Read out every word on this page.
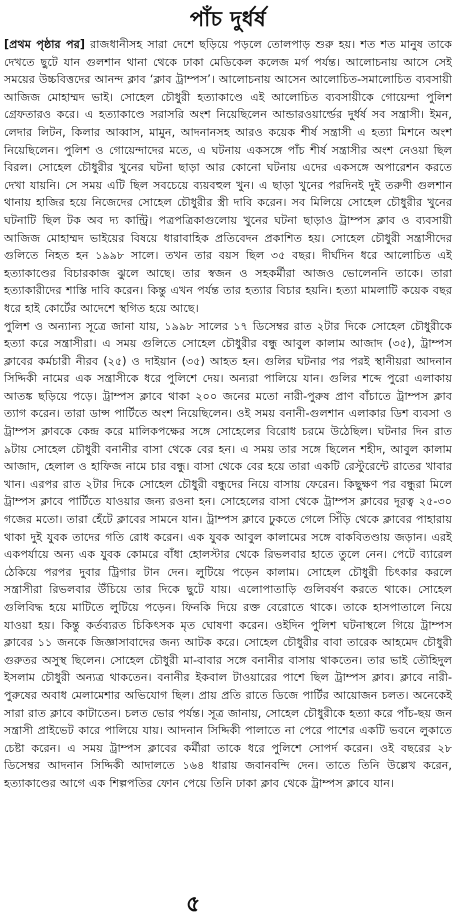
পাঁচ দুর্ধর্ষ

[প্রথম পৃষ্ঠার পর] রাজধানীসহ সারা দেশে ছড়িয়ে পড়লে তোলপাড় শুরু হয়। শত শত মানুষ তাকে দেখতে ছুটে যান গুলশান থানা থেকে ঢাকা মেডিকেল কলেজ মর্গ পর্যন্ত। আলোচনায় আসে সেই সময়ের উচ্চবিত্তদের আনন্দ ক্লাব ‘ক্লাব ট্রাম্পস’। আলোচনায় আসেন আলোচিত-সমালোচিত ব্যবসায়ী আজিজ মোহাম্মদ ভাই। সোহেল চৌধুরী হত্যাকাণ্ডে এই আলোচিত ব্যবসায়ীকে গোয়েন্দা পুলিশ গ্রেফতারও করে। এ হত্যাকাণ্ডে সরাসরি অংশ নিয়েছিলেন আন্ডারওয়ার্ল্ডের দুর্ধর্ষ সব সন্ত্রাসী। ইমন, লেদার লিটন, কিলার আব্বাস, মামুন, আদনানসহ আরও কয়েক শীর্ষ সন্ত্রাসী এ হত্যা মিশনে অংশ নিয়েছিলেন। পুলিশ ও গোয়েন্দাদের মতে, এ ঘটনায় একসঙ্গে পাঁচ শীর্ষ সন্ত্রাসীর অংশ নেওয়া ছিল বিরল। সোহেল চৌধুরীর খুনের ঘটনা ছাড়া আর কোনো ঘটনায় এদের একসঙ্গে অপারেশন করতে দেখা যায়নি। সে সময় এটি ছিল সবচেয়ে ব্যয়বহুল খুন। এ ছাড়া খুনের পরদিনই দুই তরুণী গুলশান থানায় হাজির হয়ে নিজেদের সোহেল চৌধুরীর স্ত্রী দাবি করেন। সব মিলিয়ে সোহেল চৌধুরীর খুনের ঘটনাটি ছিল টক অব দ্য কান্ট্রি। পত্রপত্রিকাগুলোয় খুনের ঘটনা ছাড়াও ট্রাম্পস ক্লাব ও ব্যবসায়ী আজিজ মোহাম্মদ ভাইয়ের বিষয়ে ধারাবাহিক প্রতিবেদন প্রকাশিত হয়। সোহেল চৌধুরী সন্ত্রাসীদের গুলিতে নিহত হন ১৯৯৮ সালে। তখন তার বয়স ছিল ৩৫ বছর। দীর্ঘদিন ধরে আলোচিত এই হত্যাকাণ্ডের বিচারকাজ ঝুলে আছে। তার স্বজন ও সহকর্মীরা আজও ভোলেননি তাকে। তারা হত্যাকারীদের শাস্তি দাবি করেন। কিন্তু এখন পর্যন্ত তার হত্যার বিচার হয়নি। হত্যা মামলাটি কয়েক বছর ধরে হাই কোর্টের আদেশে স্থগিত হয়ে আছে।

পুলিশ ও অন্যান্য সূত্রে জানা যায়, ১৯৯৮ সালের ১৭ ডিসেম্বর রাত ২টার দিকে সোহেল চৌধুরীকে হত্যা করে সন্ত্রাসীরা। এ সময় গুলিতে সোহেল চৌধুরীর বন্ধু আবুল কালাম আজাদ (৩৫), ট্রাম্পস ক্লাবের কর্মচারী নীরব (২৫) ও দাইয়ান (৩৫) আহত হন। গুলির ঘটনার পর পরই স্থানীয়রা আদনান সিদ্দিকী নামের এক সন্ত্রাসীকে ধরে পুলিশে দেয়। অন্যরা পালিয়ে যান। গুলির শব্দে পুরো এলাকায় আতঙ্ক ছড়িয়ে পড়ে। ট্রাম্পস ক্লাবে থাকা ২০০ জনের মতো নারী-পুরুষ প্রাণ বাঁচাতে ট্রাম্পস ক্লাব ত্যাগ করেন। তারা ডান্স পার্টিতে অংশ নিয়েছিলেন। ওই সময় বনানী-গুলশান এলাকার ডিশ ব্যবসা ও ট্রাম্পস ক্লাবকে কেন্দ্র করে মালিকপক্ষের সঙ্গে সোহেলের বিরোধ চরমে উঠেছিল। ঘটনার দিন রাত ৯টায় সোহেল চৌধুরী বনানীর বাসা থেকে বের হন। এ সময় তার সঙ্গে ছিলেন শহীদ, আবুল কালাম আজাদ, হেলাল ও হাফিজ নামে চার বন্ধু। বাসা থেকে বের হয়ে তারা একটি রেস্টুরেন্টে রাতের খাবার খান। এরপর রাত ২টার দিকে সোহেল চৌধুরী বন্ধুদের নিয়ে বাসায় ফেরেন। কিছুক্ষণ পর বন্ধুরা মিলে ট্রাম্পস ক্লাবে পার্টিতে যাওয়ার জন্য রওনা হন। সোহেলের বাসা থেকে ট্রাম্পস ক্লাবের দূরত্ব ২৫-৩০ গজের মতো। তারা হেঁটে ক্লাবের সামনে যান। ট্রাম্পস ক্লাবে ঢুকতে গেলে সিঁড়ি থেকে ক্লাবের পাহারায় থাকা দুই যুবক তাদের গতি রোধ করেন। এক যুবক আবুল কালামের সঙ্গে বাকবিতণ্ডায় জড়ান। এরই একপর্যায়ে অন্য এক যুবক কোমরে বাঁধা হোলস্টার থেকে রিভলবার হাতে তুলে নেন। পেটে ব্যারেল ঠেকিয়ে পরপর দুবার ট্রিগার টান দেন। লুটিয়ে পড়েন কালাম। সোহেল চৌধুরী চিৎকার করলে সন্ত্রাসীরা রিভলবার উঁচিয়ে তার দিকে ছুটে যায়। এলোপাতাড়ি গুলিবর্ষণ করতে থাকে। সোহেল গুলিবিদ্ধ হয়ে মাটিতে লুটিয়ে পড়েন। ফিনকি দিয়ে রক্ত বেরোতে থাকে। তাকে হাসপাতালে নিয়ে যাওয়া হয়। কিন্তু কর্তব্যরত চিকিৎসক মৃত ঘোষণা করেন। ওইদিন পুলিশ ঘটনাস্থলে গিয়ে ট্রাম্পস ক্লাবের ১১ জনকে জিজ্ঞাসাবাদের জন্য আটক করে। সোহেল চৌধুরীর বাবা তারেক আহমেদ চৌধুরী গুরুতর অসুস্থ ছিলেন। সোহেল চৌধুরী মা-বাবার সঙ্গে বনানীর বাসায় থাকতেন। তার ভাই তৌহিদুল ইসলাম চৌধুরী অন্যত্র থাকতেন। বনানীর ইকবাল টাওয়ারের পাশে ছিল ট্রাম্পস ক্লাব। ক্লাবে নারী-পুরুষের অবাধ মেলামেশার অভিযোগ ছিল। প্রায় প্রতি রাতে ডিজে পার্টির আয়োজন চলত। অনেকেই সারা রাত ক্লাবে কাটাতেন। চলত ভোর পর্যন্ত। সূত্র জানায়, সোহেল চৌধুরীকে হত্যা করে পাঁচ-ছয় জন সন্ত্রাসী প্রাইভেট কারে পালিয়ে যায়। আদনান সিদ্দিকী পালাতে না পেরে পাশের একটি ভবনে লুকাতে চেষ্টা করেন। এ সময় ট্রাম্পস ক্লাবের কর্মীরা তাকে ধরে পুলিশে সোপর্দ করেন। ওই বছরের ২৮ ডিসেম্বর আদনান সিদ্দিকী আদালতে ১৬৪ ধারায় জবানবন্দি দেন। তাতে তিনি উল্লেখ করেন, হত্যাকাণ্ডের আগে এক শিল্পপতির ফোন পেয়ে তিনি ঢাকা ক্লাব থেকে ট্রাম্পস ক্লাবে যান।

৫
